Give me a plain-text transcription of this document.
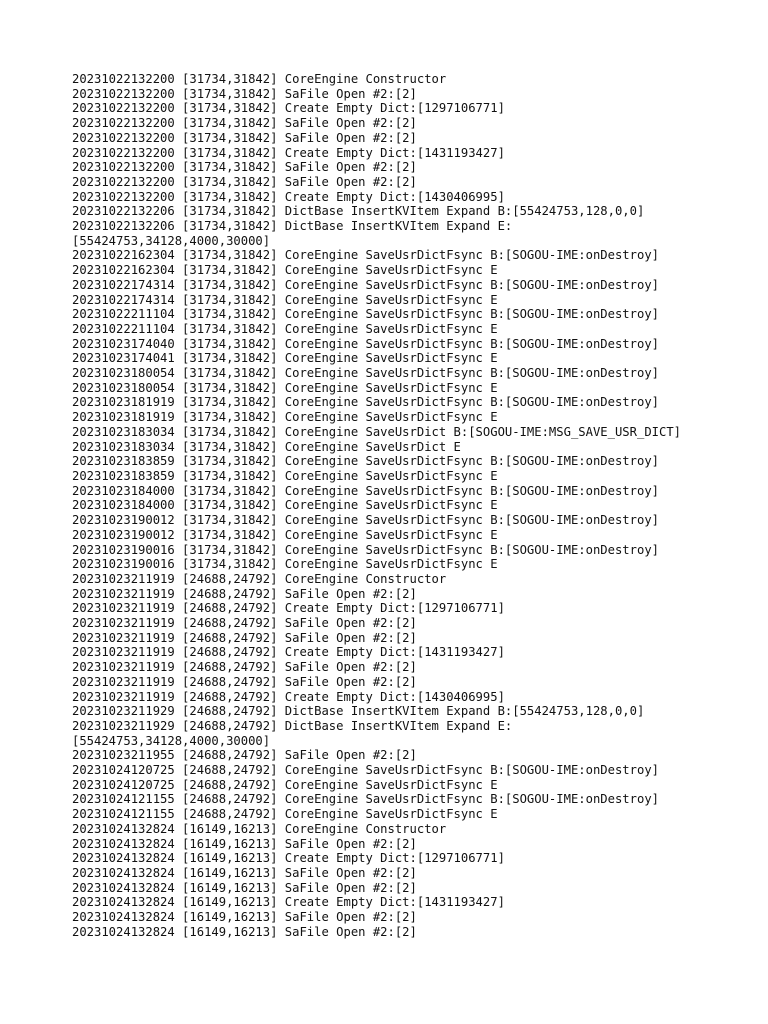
20231022132200 [31734,31842] CoreEngine Constructor

20231022132200 [31734,31842] SaFile Open #2:[2]

20231022132200 [31734,31842] Create Empty Dict:[1297106771]

20231022132200 [31734,31842] SaFile Open #2:[2]

20231022132200 [31734,31842] SaFile Open #2:[2]

20231022132200 [31734,31842] Create Empty Dict:[1431193427]

20231022132200 [31734,31842] SaFile Open #2:[2]

20231022132200 [31734,31842] SaFile Open #2:[2]

20231022132200 [31734,31842] Create Empty Dict:[1430406995]

20231022132206 [31734,31842] DictBase InsertKVItem Expand B:[55424753,128,0,0]

20231022132206 [31734,31842] DictBase InsertKVItem Expand E: [55424753,34128,4000,30000]

20231022162304 [31734,31842] CoreEngine SaveUsrDictFsync B:[SOGOU-IME:onDestroy]

20231022162304 [31734,31842] CoreEngine SaveUsrDictFsync E

20231022174314 [31734,31842] CoreEngine SaveUsrDictFsync B:[SOGOU-IME:onDestroy]

20231022174314 [31734,31842] CoreEngine SaveUsrDictFsync E

20231022211104 [31734,31842] CoreEngine SaveUsrDictFsync B:[SOGOU-IME:onDestroy]

20231022211104 [31734,31842] CoreEngine SaveUsrDictFsync E

20231023174040 [31734,31842] CoreEngine SaveUsrDictFsync B:[SOGOU-IME:onDestroy]

20231023174041 [31734,31842] CoreEngine SaveUsrDictFsync E

20231023180054 [31734,31842] CoreEngine SaveUsrDictFsync B:[SOGOU-IME:onDestroy]

20231023180054 [31734,31842] CoreEngine SaveUsrDictFsync E

20231023181919 [31734,31842] CoreEngine SaveUsrDictFsync B:[SOGOU-IME:onDestroy]

20231023181919 [31734,31842] CoreEngine SaveUsrDictFsync E

20231023183034 [31734,31842] CoreEngine SaveUsrDict B:[SOGOU-IME:MSG_SAVE_USR_DICT]

20231023183034 [31734,31842] CoreEngine SaveUsrDict E

20231023183859 [31734,31842] CoreEngine SaveUsrDictFsync B:[SOGOU-IME:onDestroy]

20231023183859 [31734,31842] CoreEngine SaveUsrDictFsync E

20231023184000 [31734,31842] CoreEngine SaveUsrDictFsync B:[SOGOU-IME:onDestroy]

20231023184000 [31734,31842] CoreEngine SaveUsrDictFsync E

20231023190012 [31734,31842] CoreEngine SaveUsrDictFsync B:[SOGOU-IME:onDestroy]

20231023190012 [31734,31842] CoreEngine SaveUsrDictFsync E

20231023190016 [31734,31842] CoreEngine SaveUsrDictFsync B:[SOGOU-IME:onDestroy]

20231023190016 [31734,31842] CoreEngine SaveUsrDictFsync E

20231023211919 [24688,24792] CoreEngine Constructor

20231023211919 [24688,24792] SaFile Open #2:[2]

20231023211919 [24688,24792] Create Empty Dict:[1297106771]

20231023211919 [24688,24792] SaFile Open #2:[2]

20231023211919 [24688,24792] SaFile Open #2:[2]

20231023211919 [24688,24792] Create Empty Dict:[1431193427]

20231023211919 [24688,24792] SaFile Open #2:[2]

20231023211919 [24688,24792] SaFile Open #2:[2]

20231023211919 [24688,24792] Create Empty Dict:[1430406995]

20231023211929 [24688,24792] DictBase InsertKVItem Expand B:[55424753,128,0,0]

20231023211929 [24688,24792] DictBase InsertKVItem Expand E: [55424753,34128,4000,30000]

20231023211955 [24688,24792] SaFile Open #2:[2]

20231024120725 [24688,24792] CoreEngine SaveUsrDictFsync B:[SOGOU-IME:onDestroy]

20231024120725 [24688,24792] CoreEngine SaveUsrDictFsync E

20231024121155 [24688,24792] CoreEngine SaveUsrDictFsync B:[SOGOU-IME:onDestroy]

20231024121155 [24688,24792] CoreEngine SaveUsrDictFsync E

20231024132824 [16149,16213] CoreEngine Constructor

20231024132824 [16149,16213] SaFile Open #2:[2]

20231024132824 [16149,16213] Create Empty Dict:[1297106771]

20231024132824 [16149,16213] SaFile Open #2:[2]

20231024132824 [16149,16213] SaFile Open #2:[2]

20231024132824 [16149,16213] Create Empty Dict:[1431193427]

20231024132824 [16149,16213] SaFile Open #2:[2]

20231024132824 [16149,16213] SaFile Open #2:[2]
